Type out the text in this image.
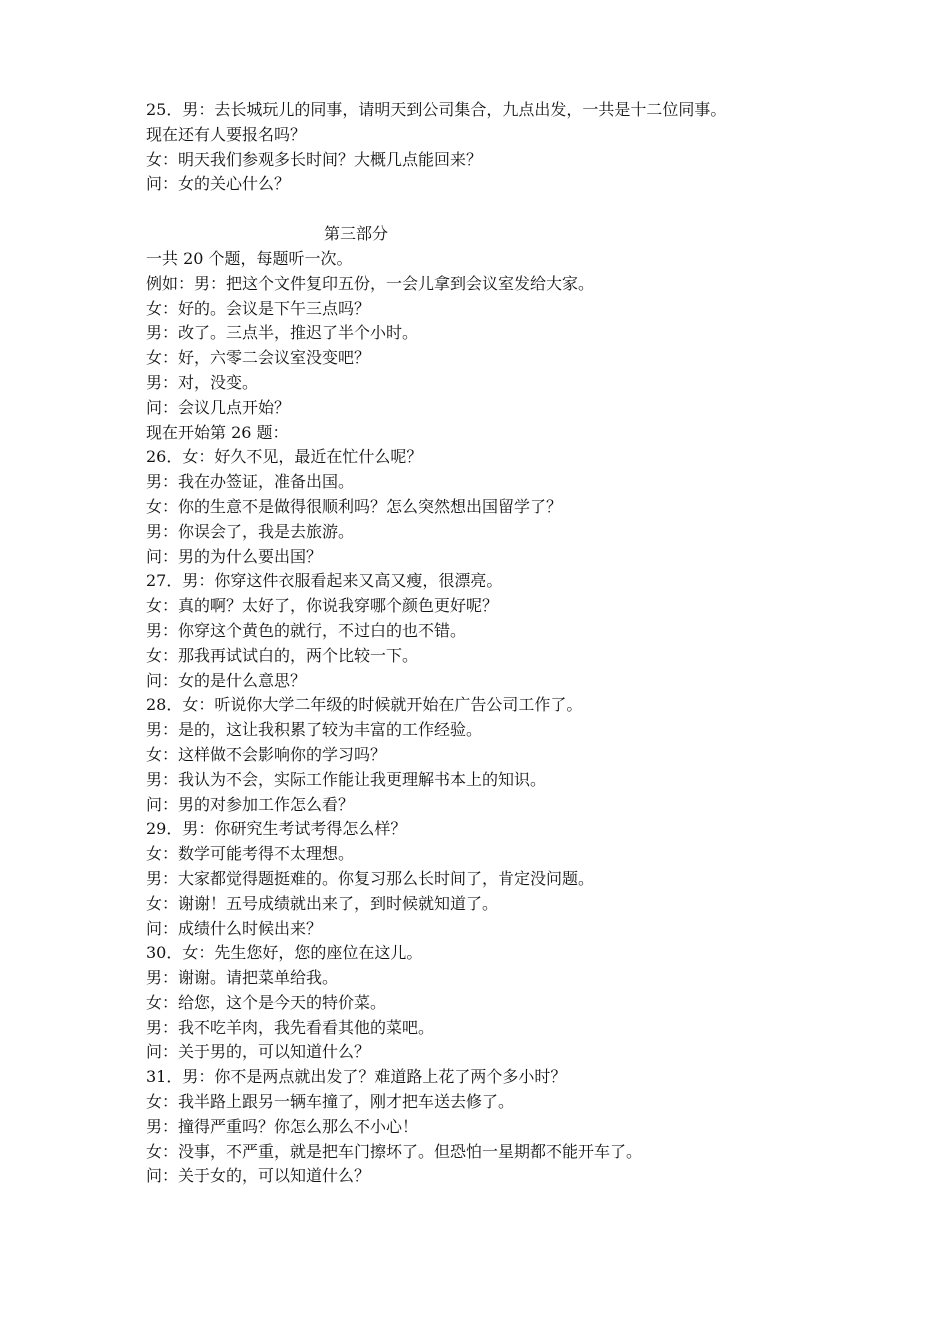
25．男：去长城玩儿的同事，请明天到公司集合，九点出发，一共是十二位同事。
现在还有人要报名吗？
女：明天我们参观多长时间？大概几点能回来？
问：女的关心什么？
第三部分
一共 20 个题，每题听一次。
例如：男：把这个文件复印五份，一会儿拿到会议室发给大家。
女：好的。会议是下午三点吗？
男：改了。三点半，推迟了半个小时。
女：好，六零二会议室没变吧？
男：对，没变。
问：会议几点开始？
现在开始第 26 题：
26．女：好久不见，最近在忙什么呢？
男：我在办签证，准备出国。
女：你的生意不是做得很顺利吗？怎么突然想出国留学了？
男：你误会了，我是去旅游。
问：男的为什么要出国？
27．男：你穿这件衣服看起来又高又瘦，很漂亮。
女：真的啊？太好了，你说我穿哪个颜色更好呢？
男：你穿这个黄色的就行，不过白的也不错。
女：那我再试试白的，两个比较一下。
问：女的是什么意思？
28．女：听说你大学二年级的时候就开始在广告公司工作了。
男：是的，这让我积累了较为丰富的工作经验。
女：这样做不会影响你的学习吗？
男：我认为不会，实际工作能让我更理解书本上的知识。
问：男的对参加工作怎么看？
29．男：你研究生考试考得怎么样？
女：数学可能考得不太理想。
男：大家都觉得题挺难的。你复习那么长时间了，肯定没问题。
女：谢谢！五号成绩就出来了，到时候就知道了。
问：成绩什么时候出来？
30．女：先生您好，您的座位在这儿。
男：谢谢。请把菜单给我。
女：给您，这个是今天的特价菜。
男：我不吃羊肉，我先看看其他的菜吧。
问：关于男的，可以知道什么？
31．男：你不是两点就出发了？难道路上花了两个多小时？
女：我半路上跟另一辆车撞了，刚才把车送去修了。
男：撞得严重吗？你怎么那么不小心！
女：没事，不严重，就是把车门擦坏了。但恐怕一星期都不能开车了。
问：关于女的，可以知道什么？
